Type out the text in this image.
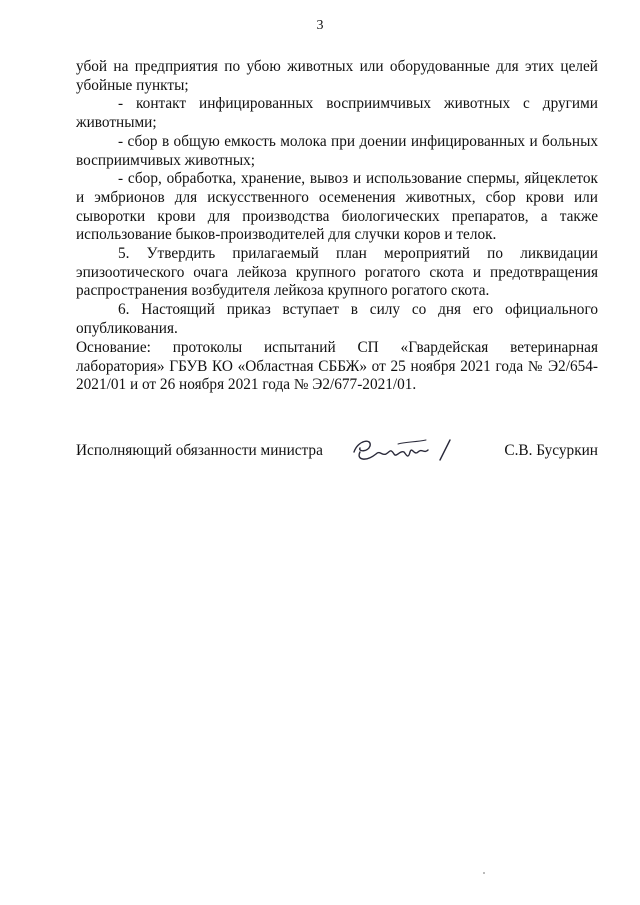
3

убой на предприятия по убою животных или оборудованные для этих целей убойные пункты;

- контакт инфицированных восприимчивых животных с другими животными;

- сбор в общую емкость молока при доении инфицированных и больных восприимчивых животных;

- сбор, обработка, хранение, вывоз и использование спермы, яйцеклеток и эмбрионов для искусственного осеменения животных, сбор крови или сыворотки крови для производства биологических препаратов, а также использование быков-производителей для случки коров и телок.

5. Утвердить прилагаемый план мероприятий по ликвидации эпизоотического очага лейкоза крупного рогатого скота и предотвращения распространения возбудителя лейкоза крупного рогатого скота.

6. Настоящий приказ вступает в силу со дня его официального опубликования.

Основание: протоколы испытаний СП «Гвардейская ветеринарная лаборатория» ГБУВ КО «Областная СББЖ» от 25 ноября 2021 года № Э2/654-2021/01 и от 26 ноября 2021 года № Э2/677-2021/01.
Исполняющий обязанности министра	С.В. Бусуркин
